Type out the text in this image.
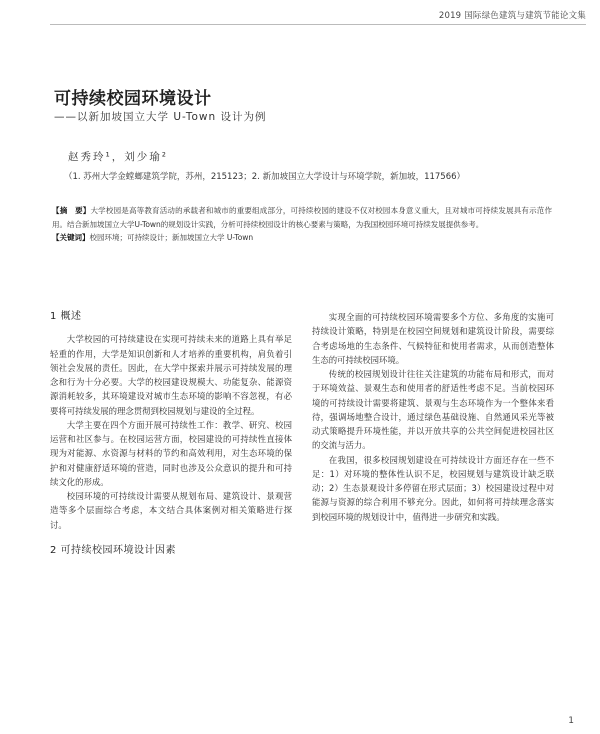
2019 国际绿色建筑与建筑节能论文集
可持续校园环境设计
——以新加坡国立大学 U-Town 设计为例
赵秀玲¹，刘少瑜²
（1. 苏州大学金螳螂建筑学院，苏州，215123；2. 新加坡国立大学设计与环境学院，新加坡，117566）
【摘　要】大学校园是高等教育活动的承载者和城市的重要组成部分，可持续校园的建设不仅对校园本身意义重大，且对城市可持续发展具有示范作用。结合新加坡国立大学U-Town的规划设计实践，分析可持续校园设计的核心要素与策略，为我国校园环境可持续发展提供参考。
【关键词】校园环境；可持续设计；新加坡国立大学 U-Town
1 概述

大学校园的可持续建设在实现可持续未来的道路上具有举足轻重的作用，大学是知识创新和人才培养的重要机构，肩负着引领社会发展的责任。因此，在大学中探索并展示可持续发展的理念和行为十分必要。大学的校园建设规模大、功能复杂、能源资源消耗较多，其环境建设对城市生态环境的影响不容忽视，有必要将可持续发展的理念贯彻到校园规划与建设的全过程。

大学主要在四个方面开展可持续性工作：教学、研究、校园运营和社区参与。在校园运营方面，校园建设的可持续性直接体现为对能源、水资源与材料的节约和高效利用，对生态环境的保护和对健康舒适环境的营造，同时也涉及公众意识的提升和可持续文化的形成。

校园环境的可持续设计需要从规划布局、建筑设计、景观营造等多个层面综合考虑，本文结合具体案例对相关策略进行探讨。

2 可持续校园环境设计因素

实现全面的可持续校园环境需要多个方位、多角度的实施可持续设计策略，特别是在校园空间规划和建筑设计阶段，需要综合考虑场地的生态条件、气候特征和使用者需求，从而创造整体生态的可持续校园环境。

传统的校园规划设计往往关注建筑的功能布局和形式，而对于环境效益、景观生态和使用者的舒适性考虑不足。当前校园环境的可持续设计需要将建筑、景观与生态环境作为一个整体来看待，强调场地整合设计，通过绿色基础设施、自然通风采光等被动式策略提升环境性能，并以开放共享的公共空间促进校园社区的交流与活力。

在我国，很多校园规划建设在可持续设计方面还存在一些不足：1）对环境的整体性认识不足，校园规划与建筑设计缺乏联动；2）生态景观设计多停留在形式层面；3）校园建设过程中对能源与资源的综合利用不够充分。因此，如何将可持续理念落实到校园环境的规划设计中，值得进一步研究和实践。

1
